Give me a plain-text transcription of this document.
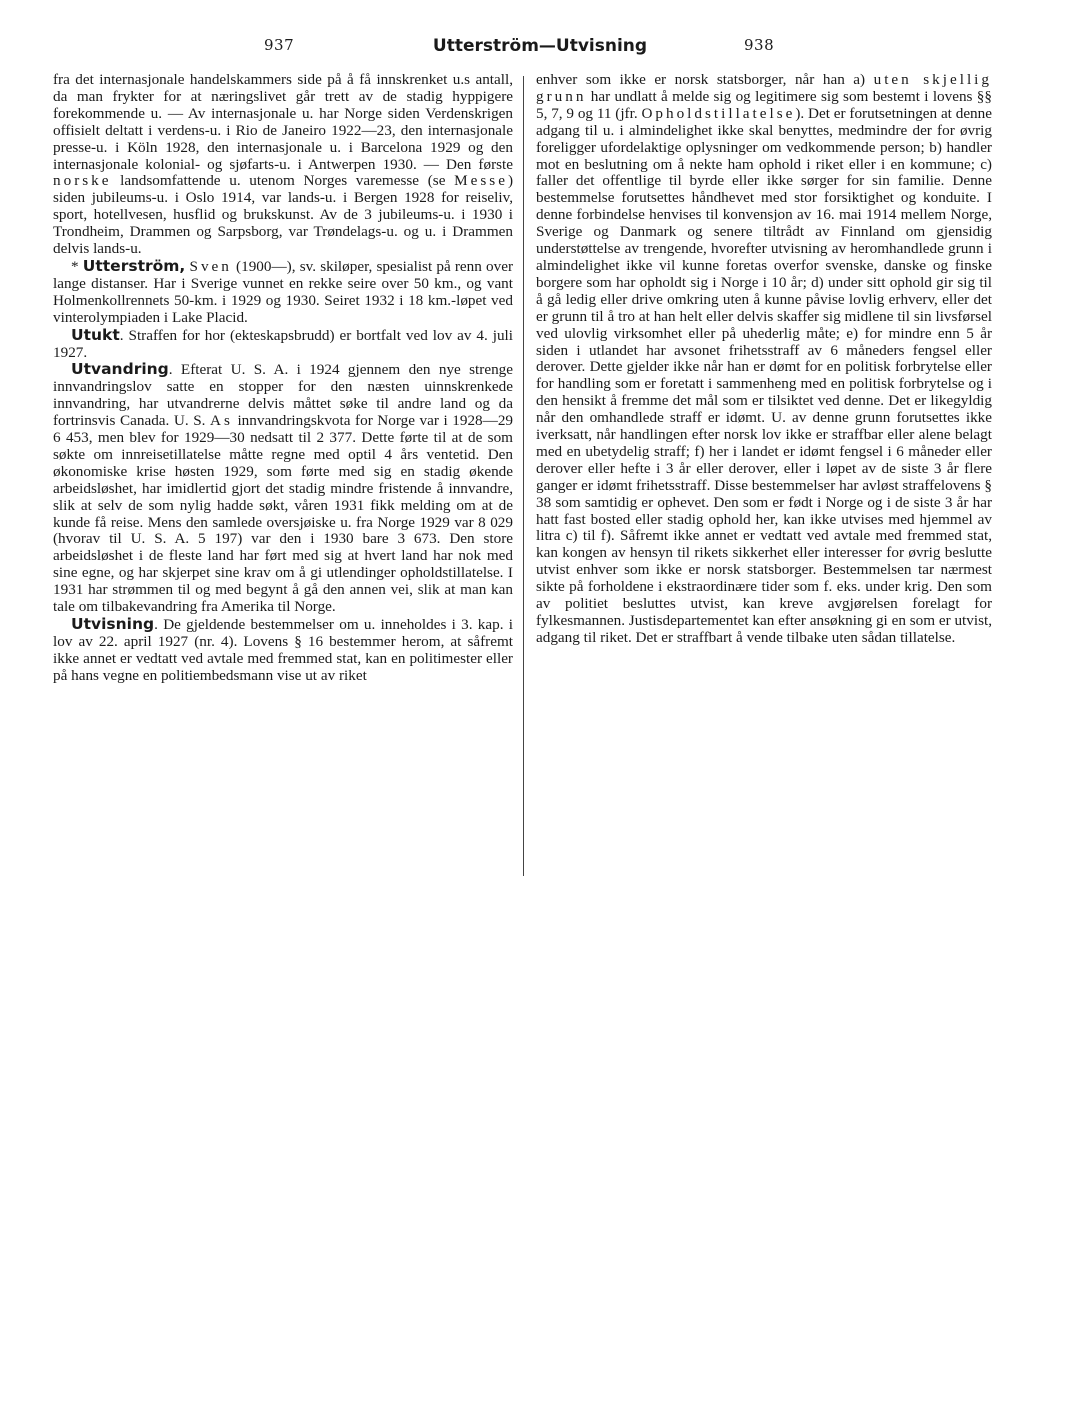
937	Utterström—Utvisning	938

fra det internasjonale handelskammers side på å få innskrenket u.s antall, da man frykter for at næringslivet går trett av de stadig hyppigere forekommende u. — Av internasjonale u. har Norge siden Verdenskrigen offisielt deltatt i verdens-u. i Rio de Janeiro 1922—23, den internasjonale presse-u. i Köln 1928, den internasjonale u. i Barcelona 1929 og den internasjonale kolonial- og sjøfarts-u. i Antwerpen 1930. — Den første norske landsomfattende u. utenom Norges varemesse (se Messe) siden jubileums-u. i Oslo 1914, var lands-u. i Bergen 1928 for reiseliv, sport, hotellvesen, husflid og brukskunst. Av de 3 jubileums-u. i 1930 i Trondheim, Drammen og Sarpsborg, var Trøndelags-u. og u. i Drammen delvis lands-u.

* Utterström, Sven (1900—), sv. skiløper, spesialist på renn over lange distanser. Har i Sverige vunnet en rekke seire over 50 km., og vant Holmenkollrennets 50-km. i 1929 og 1930. Seiret 1932 i 18 km.-løpet ved vinterolympiaden i Lake Placid.

Utukt. Straffen for hor (ekteskapsbrudd) er bortfalt ved lov av 4. juli 1927.

Utvandring. Efterat U. S. A. i 1924 gjennem den nye strenge innvandringslov satte en stopper for den næsten uinnskrenkede innvandring, har utvandrerne delvis måttet søke til andre land og da fortrinsvis Canada. U. S. As innvandringskvota for Norge var i 1928—29 6 453, men blev for 1929—30 nedsatt til 2 377. Dette førte til at de som søkte om innreisetillatelse måtte regne med optil 4 års ventetid. Den økonomiske krise høsten 1929, som førte med sig en stadig økende arbeidsløshet, har imidlertid gjort det stadig mindre fristende å innvandre, slik at selv de som nylig hadde søkt, våren 1931 fikk melding om at de kunde få reise. Mens den samlede oversjøiske u. fra Norge 1929 var 8 029 (hvorav til U. S. A. 5 197) var den i 1930 bare 3 673. Den store arbeidsløshet i de fleste land har ført med sig at hvert land har nok med sine egne, og har skjerpet sine krav om å gi utlendinger opholdstillatelse. I 1931 har strømmen til og med begynt å gå den annen vei, slik at man kan tale om tilbakevandring fra Amerika til Norge.

Utvisning. De gjeldende bestemmelser om u. inneholdes i 3. kap. i lov av 22. april 1927 (nr. 4). Lovens § 16 bestemmer herom, at såfremt ikke annet er vedtatt ved avtale med fremmed stat, kan en politimester eller på hans vegne en politiembedsmann vise ut av riket

enhver som ikke er norsk statsborger, når han a) uten skjellig grunn har undlatt å melde sig og legitimere sig som bestemt i lovens §§ 5, 7, 9 og 11 (jfr. Opholdstillatelse). Det er forutsetningen at denne adgang til u. i almindelighet ikke skal benyttes, medmindre der for øvrig foreligger ufordelaktige oplysninger om vedkommende person; b) handler mot en beslutning om å nekte ham ophold i riket eller i en kommune; c) faller det offentlige til byrde eller ikke sørger for sin familie. Denne bestemmelse forutsettes håndhevet med stor forsiktighet og konduite. I denne forbindelse henvises til konvensjon av 16. mai 1914 mellem Norge, Sverige og Danmark og senere tiltrådt av Finnland om gjensidig understøttelse av trengende, hvorefter utvisning av heromhandlede grunn i almindelighet ikke vil kunne foretas overfor svenske, danske og finske borgere som har opholdt sig i Norge i 10 år; d) under sitt ophold gir sig til å gå ledig eller drive omkring uten å kunne påvise lovlig erhverv, eller det er grunn til å tro at han helt eller delvis skaffer sig midlene til sin livsførsel ved ulovlig virksomhet eller på uhederlig måte; e) for mindre enn 5 år siden i utlandet har avsonet frihetsstraff av 6 måneders fengsel eller derover. Dette gjelder ikke når han er dømt for en politisk forbrytelse eller for handling som er foretatt i sammenheng med en politisk forbrytelse og i den hensikt å fremme det mål som er tilsiktet ved denne. Det er likegyldig når den omhandlede straff er idømt. U. av denne grunn forutsettes ikke iverksatt, når handlingen efter norsk lov ikke er straffbar eller alene belagt med en ubetydelig straff; f) her i landet er idømt fengsel i 6 måneder eller derover eller hefte i 3 år eller derover, eller i løpet av de siste 3 år flere ganger er idømt frihetsstraff. Disse bestemmelser har avløst straffelovens § 38 som samtidig er ophevet. Den som er født i Norge og i de siste 3 år har hatt fast bosted eller stadig ophold her, kan ikke utvises med hjemmel av litra c) til f). Såfremt ikke annet er vedtatt ved avtale med fremmed stat, kan kongen av hensyn til rikets sikkerhet eller interesser for øvrig beslutte utvist enhver som ikke er norsk statsborger. Bestemmelsen tar nærmest sikte på forholdene i ekstraordinære tider som f. eks. under krig. Den som av politiet besluttes utvist, kan kreve avgjørelsen forelagt for fylkesmannen. Justisdepartementet kan efter ansøkning gi en som er utvist, adgang til riket. Det er straffbart å vende tilbake uten sådan tillatelse.
